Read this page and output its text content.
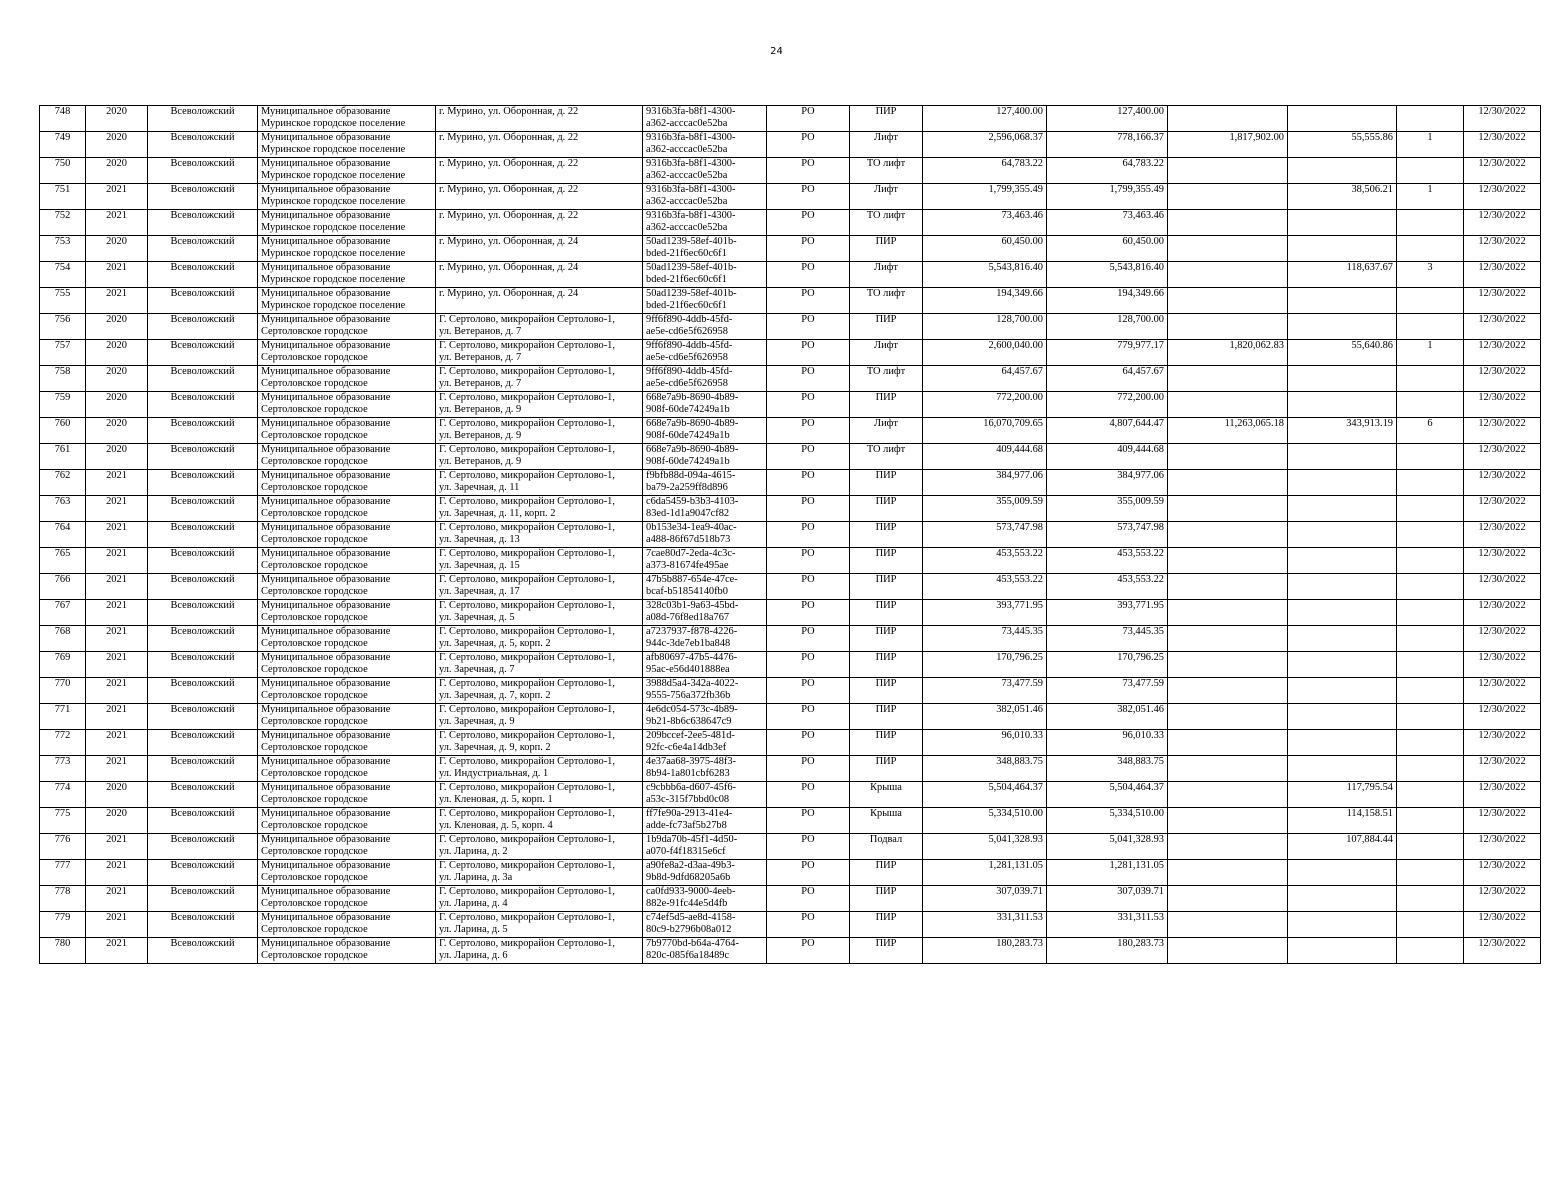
24
748	2020	Всеволожский	Муниципальное образование
Муринское городское поселение	г. Мурино, ул. Оборонная, д. 22	9316b3fa-b8f1-4300-
a362-acccac0e52ba	РО	ПИР	127,400.00	127,400.00				12/30/2022
749	2020	Всеволожский	Муниципальное образование
Муринское городское поселение	г. Мурино, ул. Оборонная, д. 22	9316b3fa-b8f1-4300-
a362-acccac0e52ba	РО	Лифт	2,596,068.37	778,166.37	1,817,902.00	55,555.86	1	12/30/2022
750	2020	Всеволожский	Муниципальное образование
Муринское городское поселение	г. Мурино, ул. Оборонная, д. 22	9316b3fa-b8f1-4300-
a362-acccac0e52ba	РО	ТО лифт	64,783.22	64,783.22				12/30/2022
751	2021	Всеволожский	Муниципальное образование
Муринское городское поселение	г. Мурино, ул. Оборонная, д. 22	9316b3fa-b8f1-4300-
a362-acccac0e52ba	РО	Лифт	1,799,355.49	1,799,355.49		38,506.21	1	12/30/2022
752	2021	Всеволожский	Муниципальное образование
Муринское городское поселение	г. Мурино, ул. Оборонная, д. 22	9316b3fa-b8f1-4300-
a362-acccac0e52ba	РО	ТО лифт	73,463.46	73,463.46				12/30/2022
753	2020	Всеволожский	Муниципальное образование
Муринское городское поселение	г. Мурино, ул. Оборонная, д. 24	50ad1239-58ef-401b-
bded-21f6ec60c6f1	РО	ПИР	60,450.00	60,450.00				12/30/2022
754	2021	Всеволожский	Муниципальное образование
Муринское городское поселение	г. Мурино, ул. Оборонная, д. 24	50ad1239-58ef-401b-
bded-21f6ec60c6f1	РО	Лифт	5,543,816.40	5,543,816.40		118,637.67	3	12/30/2022
755	2021	Всеволожский	Муниципальное образование
Муринское городское поселение	г. Мурино, ул. Оборонная, д. 24	50ad1239-58ef-401b-
bded-21f6ec60c6f1	РО	ТО лифт	194,349.66	194,349.66				12/30/2022
756	2020	Всеволожский	Муниципальное образование
Сертоловское городское	Г. Сертолово, микрорайон Сертолово-1,
ул. Ветеранов, д. 7	9ff6f890-4ddb-45fd-
ae5e-cd6e5f626958	РО	ПИР	128,700.00	128,700.00				12/30/2022
757	2020	Всеволожский	Муниципальное образование
Сертоловское городское	Г. Сертолово, микрорайон Сертолово-1,
ул. Ветеранов, д. 7	9ff6f890-4ddb-45fd-
ae5e-cd6e5f626958	РО	Лифт	2,600,040.00	779,977.17	1,820,062.83	55,640.86	1	12/30/2022
758	2020	Всеволожский	Муниципальное образование
Сертоловское городское	Г. Сертолово, микрорайон Сертолово-1,
ул. Ветеранов, д. 7	9ff6f890-4ddb-45fd-
ae5e-cd6e5f626958	РО	ТО лифт	64,457.67	64,457.67				12/30/2022
759	2020	Всеволожский	Муниципальное образование
Сертоловское городское	Г. Сертолово, микрорайон Сертолово-1,
ул. Ветеранов, д. 9	668e7a9b-8690-4b89-
908f-60de74249a1b	РО	ПИР	772,200.00	772,200.00				12/30/2022
760	2020	Всеволожский	Муниципальное образование
Сертоловское городское	Г. Сертолово, микрорайон Сертолово-1,
ул. Ветеранов, д. 9	668e7a9b-8690-4b89-
908f-60de74249a1b	РО	Лифт	16,070,709.65	4,807,644.47	11,263,065.18	343,913.19	6	12/30/2022
761	2020	Всеволожский	Муниципальное образование
Сертоловское городское	Г. Сертолово, микрорайон Сертолово-1,
ул. Ветеранов, д. 9	668e7a9b-8690-4b89-
908f-60de74249a1b	РО	ТО лифт	409,444.68	409,444.68				12/30/2022
762	2021	Всеволожский	Муниципальное образование
Сертоловское городское	Г. Сертолово, микрорайон Сертолово-1,
ул. Заречная, д. 11	f9bfb88d-094a-4615-
ba79-2a259ff8d896	РО	ПИР	384,977.06	384,977.06				12/30/2022
763	2021	Всеволожский	Муниципальное образование
Сертоловское городское	Г. Сертолово, микрорайон Сертолово-1,
ул. Заречная, д. 11, корп. 2	c6da5459-b3b3-4103-
83ed-1d1a9047cf82	РО	ПИР	355,009.59	355,009.59				12/30/2022
764	2021	Всеволожский	Муниципальное образование
Сертоловское городское	Г. Сертолово, микрорайон Сертолово-1,
ул. Заречная, д. 13	0b153e34-1ea9-40ac-
a488-86f67d518b73	РО	ПИР	573,747.98	573,747.98				12/30/2022
765	2021	Всеволожский	Муниципальное образование
Сертоловское городское	Г. Сертолово, микрорайон Сертолово-1,
ул. Заречная, д. 15	7cae80d7-2eda-4c3c-
a373-81674fe495ae	РО	ПИР	453,553.22	453,553.22				12/30/2022
766	2021	Всеволожский	Муниципальное образование
Сертоловское городское	Г. Сертолово, микрорайон Сертолово-1,
ул. Заречная, д. 17	47b5b887-654e-47ce-
bcaf-b51854140fb0	РО	ПИР	453,553.22	453,553.22				12/30/2022
767	2021	Всеволожский	Муниципальное образование
Сертоловское городское	Г. Сертолово, микрорайон Сертолово-1,
ул. Заречная, д. 5	328c03b1-9a63-45bd-
a08d-76f8ed18a767	РО	ПИР	393,771.95	393,771.95				12/30/2022
768	2021	Всеволожский	Муниципальное образование
Сертоловское городское	Г. Сертолово, микрорайон Сертолово-1,
ул. Заречная, д. 5, корп. 2	a7237937-f878-4226-
944c-3de7eb1ba848	РО	ПИР	73,445.35	73,445.35				12/30/2022
769	2021	Всеволожский	Муниципальное образование
Сертоловское городское	Г. Сертолово, микрорайон Сертолово-1,
ул. Заречная, д. 7	afb80697-47b5-4476-
95ac-e56d401888ea	РО	ПИР	170,796.25	170,796.25				12/30/2022
770	2021	Всеволожский	Муниципальное образование
Сертоловское городское	Г. Сертолово, микрорайон Сертолово-1,
ул. Заречная, д. 7, корп. 2	3988d5a4-342a-4022-
9555-756a372fb36b	РО	ПИР	73,477.59	73,477.59				12/30/2022
771	2021	Всеволожский	Муниципальное образование
Сертоловское городское	Г. Сертолово, микрорайон Сертолово-1,
ул. Заречная, д. 9	4e6dc054-573c-4b89-
9b21-8b6c638647c9	РО	ПИР	382,051.46	382,051.46				12/30/2022
772	2021	Всеволожский	Муниципальное образование
Сертоловское городское	Г. Сертолово, микрорайон Сертолово-1,
ул. Заречная, д. 9, корп. 2	209bccef-2ee5-481d-
92fc-c6e4a14db3ef	РО	ПИР	96,010.33	96,010.33				12/30/2022
773	2021	Всеволожский	Муниципальное образование
Сертоловское городское	Г. Сертолово, микрорайон Сертолово-1,
ул. Индустриальная, д. 1	4e37aa68-3975-48f3-
8b94-1a801cbf6283	РО	ПИР	348,883.75	348,883.75				12/30/2022
774	2020	Всеволожский	Муниципальное образование
Сертоловское городское	Г. Сертолово, микрорайон Сертолово-1,
ул. Кленовая, д. 5, корп. 1	c9cbbb6a-d607-45f6-
a53c-315f7bbd0c08	РО	Крыша	5,504,464.37	5,504,464.37		117,795.54		12/30/2022
775	2020	Всеволожский	Муниципальное образование
Сертоловское городское	Г. Сертолово, микрорайон Сертолово-1,
ул. Кленовая, д. 5, корп. 4	ff7fe90a-2913-41e4-
adde-fc73af5b27b8	РО	Крыша	5,334,510.00	5,334,510.00		114,158.51		12/30/2022
776	2021	Всеволожский	Муниципальное образование
Сертоловское городское	Г. Сертолово, микрорайон Сертолово-1,
ул. Ларина, д. 2	1b9da70b-45f1-4d50-
a070-f4f18315e6cf	РО	Подвал	5,041,328.93	5,041,328.93		107,884.44		12/30/2022
777	2021	Всеволожский	Муниципальное образование
Сертоловское городское	Г. Сертолово, микрорайон Сертолово-1,
ул. Ларина, д. 3а	a90fe8a2-d3aa-49b3-
9b8d-9dfd68205a6b	РО	ПИР	1,281,131.05	1,281,131.05				12/30/2022
778	2021	Всеволожский	Муниципальное образование
Сертоловское городское	Г. Сертолово, микрорайон Сертолово-1,
ул. Ларина, д. 4	ca0fd933-9000-4eeb-
882e-91fc44e5d4fb	РО	ПИР	307,039.71	307,039.71				12/30/2022
779	2021	Всеволожский	Муниципальное образование
Сертоловское городское	Г. Сертолово, микрорайон Сертолово-1,
ул. Ларина, д. 5	c74ef5d5-ae8d-4158-
80c9-b2796b08a012	РО	ПИР	331,311.53	331,311.53				12/30/2022
780	2021	Всеволожский	Муниципальное образование
Сертоловское городское	Г. Сертолово, микрорайон Сертолово-1,
ул. Ларина, д. 6	7b9770bd-b64a-4764-
820c-085f6a18489c	РО	ПИР	180,283.73	180,283.73				12/30/2022
